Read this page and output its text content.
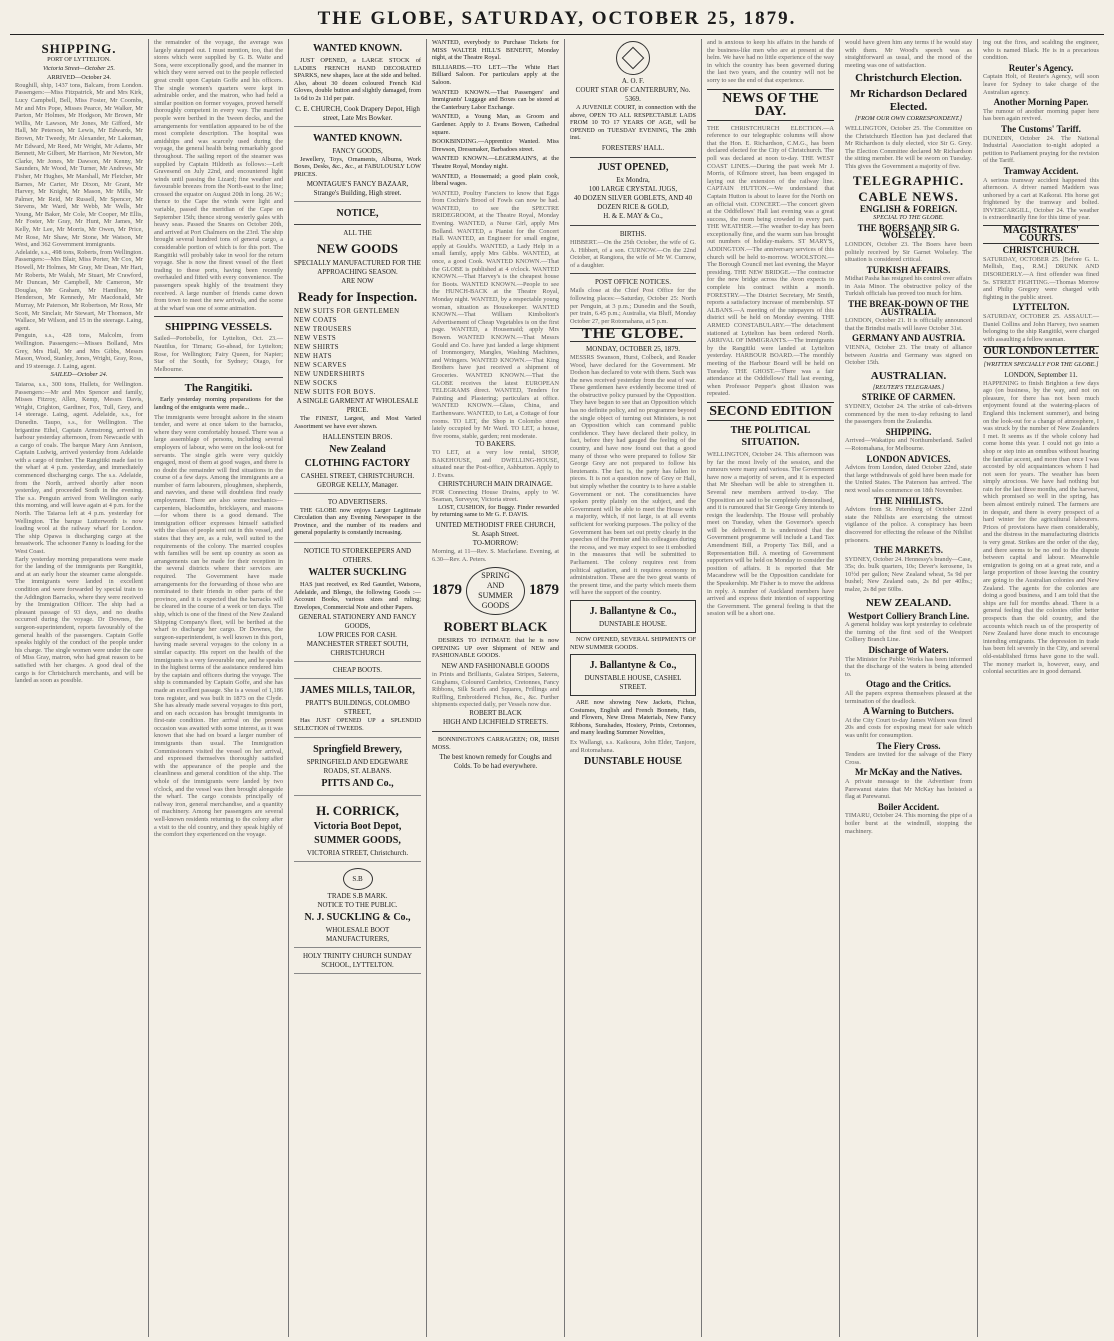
THE GLOBE, SATURDAY, OCTOBER 25, 1879.
SHIPPING.
PORT OF LYTTELTON.
Victoria Street—October 25.
ARRIVED—October 24.
Roughill, ship, 1437 tons, Balcam, from London. Passengers:—Miss Fitzpatrick, Mr and Mrs Kirk, Lucy Campbell, Bell, Miss Foster, Mr Coombs, Mr and Mrs Pope, Misses Pearce, Mr Walker, Mr Parton, Mr Holmes, Mr Hodgson, Mr Brown, Mr Willis, Mr Lawson, Mr Jones, Mr Gifford, Mr Hall, Mr Peterson, Mr Lewis, Mr Edwards, Mr Brown, Mr Tweedy, Mr Alexander, Mr Lakeman, Mr Edward, Mr Reed, Mr Wright, Mr Adams, Mr Bennett, Mr Gilbert, Mr Harrison, Mr Newton, Mr Clarke, Mr Jones, Mr Dawson, Mr Kenny, Mr Saunders, Mr Wood, Mr Turner, Mr Andrews, Mr Fisher, Mr Hughes, Mr Marshall, Mr Fletcher, Mr Barnes, Mr Carter, Mr Dixon, Mr Grant, Mr Harvey, Mr Knight, Mr Mason, Mr Mills, Mr Palmer, Mr Reid, Mr Russell, Mr Spencer, Mr Stevens, Mr Ward, Mr Webb, Mr Wells, Mr Young, Mr Baker, Mr Cole, Mr Cooper, Mr Ellis, Mr Foster, Mr Gray, Mr Hunt, Mr James, Mr Kelly, Mr Lee, Mr Morris, Mr Owen, Mr Price, Mr Rose, Mr Shaw, Mr Stone, Mr Watson, Mr West, and 362 Government immigrants.
Adelaide, s.s., 498 tons, Roberts, from Wellington. Passengers:—Mrs Blair, Miss Porter, Mr Cox, Mr Howell, Mr Holmes, Mr Gray, Mr Dean, Mr Hart, Mr Roberts, Mr Walsh, Mr Stuart, Mr Crawford, Mr Duncan, Mr Campbell, Mr Cameron, Mr Douglas, Mr Graham, Mr Hamilton, Mr Henderson, Mr Kennedy, Mr Macdonald, Mr Murray, Mr Paterson, Mr Robertson, Mr Ross, Mr Scott, Mr Sinclair, Mr Stewart, Mr Thomson, Mr Wallace, Mr Wilson, and 15 in the steerage. Laing, agent.
Penguin, s.s., 428 tons, Malcolm, from Wellington. Passengers:—Misses Bolland, Mrs Grey, Mrs Hall, Mr and Mrs Gibbs, Messrs Mason, Wood, Stanley, Jones, Wright, Gray, Ross, and 19 steerage. J. Laing, agent.
SAILED—October 24.
Taiaroa, s.s., 300 tons, Hullets, for Wellington. Passengers:—Mr and Mrs Spencer and family, Misses Fitzroy, Allen, Kemp, Messrs Davis, Wright, Crighton, Gardiner, Fox, Tull, Grey, and 14 steerage. Laing, agent. Adelaide, s.s., for Dunedin. Taupo, s.s., for Wellington. The brigantine Ethel, Captain Armstrong, arrived in harbour yesterday afternoon, from Newcastle with a cargo of coals. The barque Mary Ann Annison, Captain Ludwig, arrived yesterday from Adelaide with a cargo of timber. The Rangitiki made fast to the wharf at 4 p.m. yesterday, and immediately commenced discharging cargo. The s.s. Adelaide, from the North, arrived shortly after noon yesterday, and proceeded South in the evening. The s.s. Penguin arrived from Wellington early this morning, and will leave again at 4 p.m. for the North. The Taiaroa left at 4 p.m. yesterday for Wellington. The barque Lutterworth is now loading wool at the railway wharf for London. The ship Opawa is discharging cargo at the breastwork. The schooner Fanny is loading for the West Coast.
Early yesterday morning preparations were made for the landing of the immigrants per Rangitiki, and at an early hour the steamer came alongside. The immigrants were landed in excellent condition and were forwarded by special train to the Addington Barracks, where they were received by the Immigration Officer. The ship had a pleasant passage of 93 days, and no deaths occurred during the voyage. Dr Downes, the surgeon-superintendent, reports favourably of the general health of the passengers. Captain Goffe speaks highly of the conduct of the people under his charge. The single women were under the care of Miss Gray, matron, who had great reason to be satisfied with her charges. A good deal of the cargo is for Christchurch merchants, and will be landed as soon as possible.
the remainder of the voyage, the average was largely stamped out. I must mention, too, that the stores which were supplied by G. B. Waite and Sons, were exceptionally good, and the manner in which they were served out to the people reflected great credit upon Captain Goffe and his officers. The single women's quarters were kept in admirable order, and the matron, who had held a similar position on former voyages, proved herself thoroughly competent in every way. The married people were berthed in the 'tween decks, and the arrangements for ventilation appeared to be of the most complete description. The hospital was amidships and was scarcely used during the voyage, the general health being remarkably good throughout. The sailing report of the steamer was supplied by Captain Hildreth as follows:—Left Gravesend on July 22nd, and encountered light winds until passing the Lizard; fine weather and favourable breezes from the North-east to the line; crossed the equator on August 20th in long. 26 W.; thence to the Cape the winds were light and variable, passed the meridian of the Cape on September 15th; thence strong westerly gales with heavy seas. Passed the Snares on October 20th, and arrived at Port Chalmers on the 23rd. The ship brought several hundred tons of general cargo, a considerable portion of which is for this port. The Rangitiki will probably take in wool for the return voyage. She is now the finest vessel of the fleet trading to these ports, having been recently overhauled and fitted with every convenience. The passengers speak highly of the treatment they received. A large number of friends came down from town to meet the new arrivals, and the scene at the wharf was one of some animation.
SHIPPING VESSELS.
Sailed—Portobello, for Lyttelton, Oct. 23.—Nautilus, for Timaru; Go-ahead, for Lyttelton; Rose, for Wellington; Fairy Queen, for Napier; Star of the South, for Sydney; Otago, for Melbourne.
The Rangitiki.
Early yesterday morning preparations for the landing of the emigrants were made...
The immigrants were brought ashore in the steam tender, and were at once taken to the barracks, where they were comfortably housed. There was a large assemblage of persons, including several employers of labour, who were on the look-out for servants. The single girls were very quickly engaged, most of them at good wages, and there is no doubt the remainder will find situations in the course of a few days. Among the immigrants are a number of farm labourers, ploughmen, shepherds, and navvies, and these will doubtless find ready employment. There are also some mechanics—carpenters, blacksmiths, bricklayers, and masons—for whom there is a good demand. The immigration officer expresses himself satisfied with the class of people sent out in this vessel, and states that they are, as a rule, well suited to the requirements of the colony. The married couples with families will be sent up country as soon as arrangements can be made for their reception in the several districts where their services are required. The Government have made arrangements for the forwarding of those who are nominated to their friends in other parts of the province, and it is expected that the barracks will be cleared in the course of a week or ten days. The ship, which is one of the finest of the New Zealand Shipping Company's fleet, will be berthed at the wharf to discharge her cargo. Dr Downes, the surgeon-superintendent, is well known in this port, having made several voyages to the colony in a similar capacity. His report on the health of the immigrants is a very favourable one, and he speaks in the highest terms of the assistance rendered him by the captain and officers during the voyage. The ship is commanded by Captain Goffe, and she has made an excellent passage. She is a vessel of 1,186 tons register, and was built in 1873 on the Clyde. She has already made several voyages to this port, and on each occasion has brought immigrants in first-rate condition. Her arrival on the present occasion was awaited with some interest, as it was known that she had on board a larger number of immigrants than usual. The Immigration Commissioners visited the vessel on her arrival, and expressed themselves thoroughly satisfied with the appearance of the people and the cleanliness and general condition of the ship. The whole of the immigrants were landed by two o'clock, and the vessel was then brought alongside the wharf. The cargo consists principally of railway iron, general merchandise, and a quantity of machinery. Among her passengers are several well-known residents returning to the colony after a visit to the old country, and they speak highly of the comfort they experienced on the voyage.
WANTED KNOWN.
JUST OPENED, a LARGE STOCK of LADIES FRENCH HAND DECORATED SPARKS, new shapes, lace at the side and belted. Also, about 30 dozen coloured French Kid Gloves, double button and slightly damaged, from 1s 6d to 2s 11d per pair.
C. E. CHURCH, Cook Drapery Depot, High street, Late Mrs Bowker.
WANTED KNOWN.
FANCY GOODS,
Jewellery, Toys, Ornaments, Albums, Work Boxes, Desks, &c., &c., at FABULOUSLY LOW PRICES.
MONTAGUE'S FANCY BAZAAR, Strange's Building, High street.
NOTICE,
ALL THE
NEW GOODS
SPECIALLY MANUFACTURED FOR THE APPROACHING SEASON.
ARE NOW
Ready for Inspection.
NEW SUITS FOR GENTLEMEN
NEW COATS
NEW TROUSERS
NEW VESTS
NEW SHIRTS
NEW HATS
NEW SCARVES
NEW UNDERSHIRTS
NEW SOCKS
NEW SUITS FOR BOYS.
A SINGLE GARMENT AT WHOLESALE PRICE.
The FINEST, Largest, and Most Varied Assortment we have ever shown.
HALLENSTEIN BROS.
New Zealand
CLOTHING FACTORY
CASHEL STREET, CHRISTCHURCH.
GEORGE KELLY, Manager.
TO ADVERTISERS.
THE GLOBE now enjoys Larger Legitimate Circulation than any Evening Newspaper in the Province, and the number of its readers and general popularity is constantly increasing.
NOTICE TO STOREKEEPERS AND OTHERS.
WALTER SUCKLING
HAS just received, ex Red Gauntlet, Watsons, Adelaide, and Blengo, the following Goods :— Account Books, various sizes and ruling; Envelopes, Commercial Note and other Papers.
GENERAL STATIONERY AND FANCY GOODS,
LOW PRICES FOR CASH.
MANCHESTER STREET SOUTH, CHRISTCHURCH
CHEAP BOOTS.
JAMES MILLS, TAILOR,
PRATT'S BUILDINGS, COLOMBO STREET,
Has JUST OPENED UP a SPLENDID SELECTION of TWEEDS.
Springfield Brewery,
SPRINGFIELD AND EDGEWARE ROADS, ST. ALBANS.
PITTS AND Co.,
H. CORRICK,
Victoria Boot Depot,
SUMMER GOODS,
VICTORIA STREET, Christchurch.
S.B
TRADE S.B MARK.
NOTICE TO THE PUBLIC.
N. J. SUCKLING & Co.,
WHOLESALE BOOT MANUFACTURERS,
HOLY TRINITY CHURCH SUNDAY SCHOOL, LYTTELTON.
WANTED, everybody to Purchase Tickets for MISS WALTER HILL'S BENEFIT, Monday night, at the Theatre Royal.
BILLIARDS.—TO LET.—The White Hart Billiard Saloon. For particulars apply at the Saloon.
WANTED KNOWN.—That Passengers' and Immigrants' Luggage and Boxes can be stored at the Canterbury Labor Exchange.
WANTED, a Young Man, as Groom and Gardener. Apply to J. Evans Bowen, Cathedral square.
BOOKBINDING.—Apprentice Wanted. Miss Drewson, Dressmaker, Barbadoes street.
WANTED KNOWN.—LEGERMAIN'S, at the Theatre Royal, Monday night.
WANTED, a Housemaid; a good plain cook, liberal wages.
WANTED, Poultry Fanciers to know that Eggs from Cochin's Brood of Fowls can now be had. WANTED, to see the SPECTRE BRIDEGROOM, at the Theatre Royal, Monday Evening. WANTED, a Nurse Girl, apply Mrs Bolland. WANTED, a Pianist for the Concert Hall. WANTED, an Engineer for small engine, apply at Gould's. WANTED, a Lady Help in a small family, apply Mrs Gibbs. WANTED, at once, a good Cook. WANTED KNOWN.—That the GLOBE is published at 4 o'clock. WANTED KNOWN.—That Harvey's is the cheapest house for Boots. WANTED KNOWN.—People to see the HUNCH-BACK at the Theatre Royal, Monday night. WANTED, by a respectable young woman, situation as Housekeeper. WANTED KNOWN.—That William Kimbolton's Advertisement of Cheap Vegetables is on the first page. WANTED, a Housemaid; apply Mrs Bowen. WANTED KNOWN.—That Messrs Gould and Co. have just landed a large shipment of Ironmongery, Mangles, Washing Machines, and Wringers. WANTED KNOWN.—That King Brothers have just received a shipment of Groceries. WANTED KNOWN.—That the GLOBE receives the latest EUROPEAN TELEGRAMS direct. WANTED, Tenders for Painting and Plastering; particulars at office. WANTED KNOWN.—Glass, China, and Earthenware. WANTED, to Let, a Cottage of four rooms. TO LET, the Shop in Colombo street lately occupied by Mr Ward. TO LET, a house, five rooms, stable, garden; rent moderate.
TO BAKERS.
TO LET, at a very low rental, SHOP, BAKEHOUSE, and DWELLING-HOUSE, situated near the Post-office, Ashburton. Apply to J. Evans.
CHRISTCHURCH MAIN DRAINAGE.
FOR Connecting House Drains, apply to W. Seaman, Surveyor, Victoria street.
LOST, CUSHION, for Buggy. Finder rewarded by returning same to Mr G. F. DAVIS.
UNITED METHODIST FREE CHURCH, St. Asaph Street.
TO-MORROW:
Morning, at 11—Rev. S. Macfarlane. Evening, at 6.30—Rev. A. Peters.
1879
SPRING AND SUMMER GOODS
1879
ROBERT BLACK
DESIRES TO INTIMATE that he is now OPENING UP over Shipment of NEW and FASHIONABLE GOODS.
NEW AND FASHIONABLE GOODS
in Prints and Brilliants, Galatea Stripes, Sateens, Ginghams, Coloured Cambrics, Cretonnes, Fancy Ribbons, Silk Scarfs and Squares, Frillings and Ruffling, Embroidered Fichus, &c., &c. Further shipments expected daily, per Vessels now due.
ROBERT BLACK
HIGH AND LICHFIELD STREETS.
BONNINGTON'S CARRAGEEN; OR, IRISH MOSS.
The best known remedy for Coughs and Colds. To be had everywhere.
A. O. F.
COURT STAR OF CANTERBURY, No. 5369.
A JUVENILE COURT, in connection with the above, OPEN TO ALL RESPECTABLE LADS FROM 10 TO 17 YEARS OF AGE, will be OPENED on TUESDAY EVENING, The 28th inst.
FORESTERS' HALL.
JUST OPENED,
Ex Mondra,
100 LARGE CRYSTAL JUGS,
40 DOZEN SILVER GOBLETS, AND 40 DOZEN RICE & GOLD,
H. & E. MAY & Co.,
BIRTHS.
HIBBERT.—On the 25th October, the wife of G. A. Hibbert, of a son. CURNOW.—On the 22nd October, at Rangiora, the wife of Mr W. Curnow, of a daughter.
POST OFFICE NOTICES.
Mails close at the Chief Post Office for the following places:—Saturday, October 25: North per Penguin, at 3 p.m.; Dunedin and the South, per train, 6.45 p.m.; Australia, via Bluff, Monday October 27, per Rotomahana, at 5 p.m.
THE GLOBE.
MONDAY, OCTOBER 25, 1879.
MESSRS Swanson, Hurst, Colbeck, and Reader Wood, have declared for the Government. Mr Dodson has declared to vote with them. Such was the news received yesterday from the seat of war. These gentlemen have evidently become tired of the obstructive policy pursued by the Opposition. They have begun to see that an Opposition which has no definite policy, and no programme beyond the single object of turning out Ministers, is not an Opposition which can command public confidence. They have declared their policy, in fact, before they had gauged the feeling of the country, and have now found out that a good many of those who were prepared to follow Sir George Grey are not prepared to follow his lieutenants. The fact is, the party has fallen to pieces. It is not a question now of Grey or Hall, but simply whether the country is to have a stable Government or not. The constituencies have spoken pretty plainly on the subject, and the Government will be able to meet the House with a majority, which, if not large, is at all events sufficient for working purposes. The policy of the Government has been set out pretty clearly in the speeches of the Premier and his colleagues during the recess, and we may expect to see it embodied in the measures that will be submitted to Parliament. The colony requires rest from political agitation, and it requires economy in administration. These are the two great wants of the present time, and the party which meets them will have the support of the country.
J. Ballantyne & Co.,
DUNSTABLE HOUSE.
NOW OPENED, SEVERAL SHIPMENTS OF NEW SUMMER GOODS.
J. Ballantyne & Co.,
DUNSTABLE HOUSE, CASHEL STREET.
ARE now showing New Jackets, Fichus, Costumes, English and French Bonnets, Hats, and Flowers, New Dress Materials, New Fancy Ribbons, Sunshades, Hosiery, Prints, Cretonnes, and many leading Summer Novelties,
Ex Wallangi, s.s. Kaikoura, John Elder, Tanjore, and Rotomahana.
DUNSTABLE HOUSE
and is anxious to keep his affairs in the hands of the business-like men who are at present at the helm. We have had no little experience of the way in which the country has been governed during the last two years, and the country will not be sorry to see the end of that experience.
NEWS OF THE DAY.
THE CHRISTCHURCH ELECTION.—A reference to our telegraphic columns will show that the Hon. E. Richardson, C.M.G., has been declared elected for the City of Christchurch. The poll was declared at noon to-day. THE WEST COAST LINES.—During the past week Mr J. Morris, of Kilmore street, has been engaged in laying out the extension of the railway line. CAPTAIN HUTTON.—We understand that Captain Hutton is about to leave for the North on an official visit. CONCERT.—The concert given at the Oddfellows' Hall last evening was a great success, the room being crowded in every part. THE WEATHER.—The weather to-day has been exceptionally fine, and the warm sun has brought out numbers of holiday-makers. ST MARY'S, ADDINGTON.—The anniversary services of this church will be held to-morrow. WOOLSTON.—The Borough Council met last evening, the Mayor presiding. THE NEW BRIDGE.—The contractor for the new bridge across the Avon expects to complete his contract within a month. FORESTRY.—The District Secretary, Mr Smith, reports a satisfactory increase of membership. ST ALBANS.—A meeting of the ratepayers of this district will be held on Monday evening. THE ARMED CONSTABULARY.—The detachment stationed at Lyttelton has been ordered North. ARRIVAL OF IMMIGRANTS.—The immigrants by the Rangitiki were landed at Lyttelton yesterday. HARBOUR BOARD.—The monthly meeting of the Harbour Board will be held on Tuesday. THE GHOST.—There was a fair attendance at the Oddfellows' Hall last evening, when Professor Pepper's ghost illusion was repeated.
SECOND EDITION
THE POLITICAL SITUATION.
WELLINGTON, October 24. This afternoon was by far the most lively of the session, and the rumours were many and various. The Government have now a majority of seven, and it is expected that Mr Sheehan will be able to strengthen it. Several new members arrived to-day. The Opposition are said to be completely demoralised, and it is rumoured that Sir George Grey intends to resign the leadership. The House will probably meet on Tuesday, when the Governor's speech will be delivered. It is understood that the Government programme will include a Land Tax Amendment Bill, a Property Tax Bill, and a Representation Bill. A meeting of Government supporters will be held on Monday to consider the position of affairs. It is reported that Mr Macandrew will be the Opposition candidate for the Speakership. Mr Fisher is to move the address in reply. A number of Auckland members have arrived and express their intention of supporting the Government. The general feeling is that the session will be a short one.
would have given him any terms if he would stay with them. Mr Wood's speech was as straightforward as usual, and the mood of the meeting was one of satisfaction.
Christchurch Election.
Mr Richardson Declared Elected.
[FROM OUR OWN CORRESPONDENT.]
WELLINGTON, October 25. The Committee on the Christchurch Election has just declared that Mr Richardson is duly elected, vice Sir G. Grey. The Election Committee declared Mr Richardson the sitting member. He will be sworn on Tuesday. This gives the Government a majority of five.
TELEGRAPHIC.
CABLE NEWS.
ENGLISH & FOREIGN.
SPECIAL TO THE GLOBE.
THE BOERS AND SIR G. WOLSELEY.
LONDON, October 23. The Boers have been politely received by Sir Garnet Wolseley. The situation is considered critical.
TURKISH AFFAIRS.
Midhat Pasha has resigned his control over affairs in Asia Minor. The obstructive policy of the Turkish officials has proved too much for him.
THE BREAK-DOWN OF THE AUSTRALIA.
LONDON, October 21. It is officially announced that the Brindisi mails will leave October 31st.
GERMANY AND AUSTRIA.
VIENNA, October 23. The treaty of alliance between Austria and Germany was signed on October 15th.
AUSTRALIAN.
[REUTER'S TELEGRAMS.]
STRIKE OF CARMEN.
SYDNEY, October 24. The strike of cab-drivers commenced by the men to-day refusing to land the passengers from the Zealandia.
SHIPPING.
Arrived—Wakatipu and Northumberland. Sailed—Rotomahana, for Melbourne.
LONDON ADVICES.
Advices from London, dated October 22nd, state that large withdrawals of gold have been made for the United States. The Paterson has arrived. The next wool sales commence on 18th November.
THE NIHILISTS.
Advices from St. Petersburg of October 22nd state the Nihilists are exercising the utmost vigilance of the police. A conspiracy has been discovered for effecting the release of the Nihilist prisoners.
THE MARKETS.
SYDNEY, October 24. Hennessy's brandy—Case, 35s; do. bulk quarters, 10s; Dever's kerosene, 1s 10½d per gallon; New Zealand wheat, 5s 9d per bushel; New Zealand oats, 2s 8d per 40lbs.; malze, 2s 8d per 60lbs.
NEW ZEALAND.
Westport Colliery Branch Line.
A general holiday was kept yesterday to celebrate the turning of the first sod of the Westport Colliery Branch Line.
Discharge of Waters.
The Minister for Public Works has been informed that the discharge of the waters is being attended to.
Otago and the Critics.
All the papers express themselves pleased at the termination of the deadlock.
A Warning to Butchers.
At the City Court to-day James Wilson was fined 20s and costs for exposing meat for sale which was unfit for consumption.
The Fiery Cross.
Tenders are invited for the salvage of the Fiery Cross.
Mr McKay and the Natives.
A private message to the Advertiser from Parewanui states that Mr McKay has hoisted a flag at Parewanui.
Boiler Accident.
TIMARU, October 24. This morning the pipe of a boiler burst at the windmill, stopping the machinery.
ing out the fires, and scalding the engineer, who is named Black. He is in a precarious condition.
Reuter's Agency.
Captain Holt, of Reuter's Agency, will soon leave for Sydney to take charge of the Australian agency.
Another Morning Paper.
The rumour of another morning paper here has been again revived.
The Customs' Tariff.
DUNEDIN, October 24. The National Industrial Association to-night adopted a petition to Parliament praying for the revision of the Tariff.
Tramway Accident.
A serious tramway accident happened this afternoon. A driver named Maddern was unhorsed by a cart at Kaikorai. His horse got frightened by the tramway and bolted. INVERCARGILL, October 24. The weather is extraordinarily fine for this time of year.
MAGISTRATES' COURTS.
CHRISTCHURCH.
SATURDAY, OCTOBER 25. [Before G. L. Mellish, Esq., R.M.] DRUNK AND DISORDERLY.—A first offender was fined 5s. STREET FIGHTING.—Thomas Morrow and Philip Gregory were charged with fighting in the public street.
LYTTELTON.
SATURDAY, OCTOBER 25. ASSAULT.—Daniel Collins and John Harvey, two seamen belonging to the ship Rangitiki, were charged with assaulting a fellow seaman.
OUR LONDON LETTER.
[WRITTEN SPECIALLY FOR THE GLOBE.]
LONDON, September 11.
HAPPENING to finish Brighton a few days ago (on business, by the way, and not on pleasure, for there has not been much enjoyment found at the watering-places of England this inclement summer), and being on the look-out for a change of atmosphere, I was struck by the number of New Zealanders I met. It seems as if the whole colony had come home this year. I could not go into a shop or step into an omnibus without hearing the familiar accent, and more than once I was accosted by old acquaintances whom I had not seen for years. The weather has been simply atrocious. We have had nothing but rain for the last three months, and the harvest, which promised so well in the spring, has been almost entirely ruined. The farmers are in despair, and there is every prospect of a hard winter for the agricultural labourers. Prices of provisions have risen considerably, and the distress in the manufacturing districts is very great. Strikes are the order of the day, and there seems to be no end to the dispute between capital and labour. Meanwhile emigration is going on at a great rate, and a large proportion of those leaving the country are going to the Australian colonies and New Zealand. The agents for the colonies are doing a good business, and I am told that the ships are full for months ahead. There is a general feeling that the colonies offer better prospects than the old country, and the accounts which reach us of the prosperity of New Zealand have done much to encourage intending emigrants. The depression in trade has been felt severely in the City, and several old-established firms have gone to the wall. The money market is, however, easy, and colonial securities are in good demand.
